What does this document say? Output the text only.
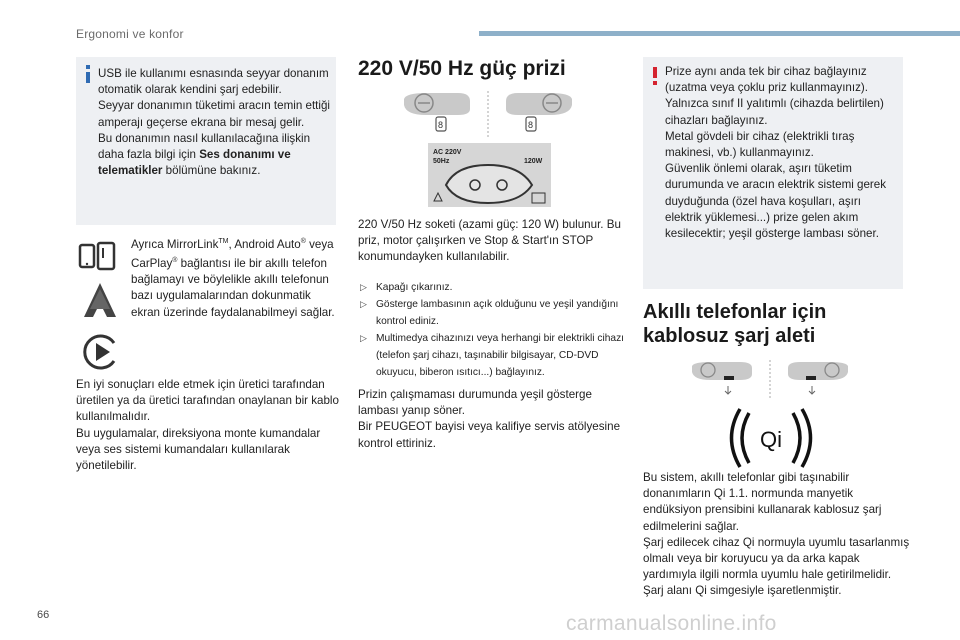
Ergonomi ve konfor
USB ile kullanımı esnasında seyyar donanım otomatik olarak kendini şarj edebilir.
Seyyar donanımın tüketimi aracın temin ettiği amperajı geçerse ekrana bir mesaj gelir.
Bu donanımın nasıl kullanılacağına ilişkin daha fazla bilgi için Ses donanımı ve telematikler bölümüne bakınız.
Ayrıca MirrorLink™, Android Auto® veya CarPlay® bağlantısı ile bir akıllı telefon bağlamayı ve böylelikle akıllı telefonun bazı uygulamalarından dokunmatik ekran üzerinde faydalanabilmeyi sağlar.
En iyi sonuçları elde etmek için üretici tarafından üretilen ya da üretici tarafından onaylanan bir kablo kullanılmalıdır.
Bu uygulamalar, direksiyona monte kumandalar veya ses sistemi kumandaları kullanılarak yönetilebilir.
220 V/50 Hz güç prizi
8	8
AC 220V
50Hz	120W
220 V/50 Hz soketi (azami güç: 120 W) bulunur. Bu priz, motor çalışırken ve Stop & Start'ın STOP konumundayken kullanılabilir.
▷ Kapağı çıkarınız.
▷ Gösterge lambasının açık olduğunu ve yeşil yandığını kontrol ediniz.
▷ Multimedya cihazınızı veya herhangi bir elektrikli cihazı (telefon şarj cihazı, taşınabilir bilgisayar, CD-DVD okuyucu, biberon ısıtıcı...) bağlayınız.
Prizin çalışmaması durumunda yeşil gösterge lambası yanıp söner.
Bir PEUGEOT bayisi veya kalifiye servis atölyesine kontrol ettiriniz.
Prize aynı anda tek bir cihaz bağlayınız (uzatma veya çoklu priz kullanmayınız).
Yalnızca sınıf II yalıtımlı (cihazda belirtilen) cihazları bağlayınız.
Metal gövdeli bir cihaz (elektrikli tıraş makinesi, vb.) kullanmayınız.
Güvenlik önlemi olarak, aşırı tüketim durumunda ve aracın elektrik sistemi gerek duyduğunda (özel hava koşulları, aşırı elektrik yüklemesi...) prize gelen akım kesilecektir; yeşil gösterge lambası söner.
Akıllı telefonlar için kablosuz şarj aleti
Qi
Bu sistem, akıllı telefonlar gibi taşınabilir donanımların Qi 1.1. normunda manyetik endüksiyon prensibini kullanarak kablosuz şarj edilmelerini sağlar.
Şarj edilecek cihaz Qi normuyla uyumlu tasarlanmış olmalı veya bir koruyucu ya da arka kapak yardımıyla ilgili normla uyumlu hale getirilmelidir.
Şarj alanı Qi simgesiyle işaretlenmiştir.
66	carmanualsonline.info
